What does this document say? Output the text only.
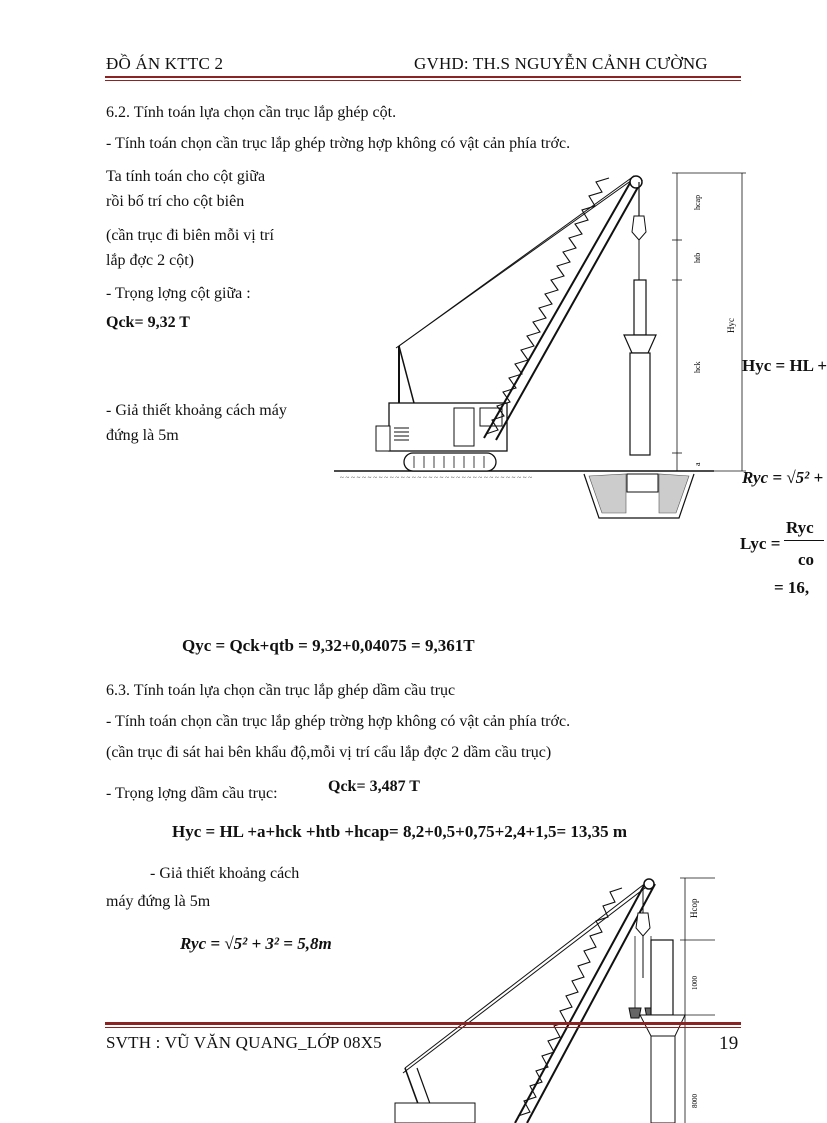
ĐỒ ÁN KTTC 2	GVHD: TH.S NGUYỄN CẢNH CƯỜNG
6.2. Tính toán lựa chọn cần trục lắp ghép cột.
- Tính toán chọn cần trục lắp ghép trờng hợp không có vật cản phía trớc.
Ta tính toán cho cột giữa
rồi bố trí cho cột biên
(cần trục đi biên mỗi vị trí
lắp đợc 2 cột)
- Trọng lợng cột giữa :
Qck= 9,32 T
- Giả thiết khoảng cách máy
đứng là 5m
Hyc = HL +
Ryc = √5² +
Lyc =
Ryc
co
= 16,
~ ~ ~ ~ ~ ~ ~ ~ ~ ~ ~ ~ ~ ~ ~ ~ ~ ~ ~ ~ ~ ~ ~ ~ ~ ~ ~ ~ ~ ~ ~ ~ ~ ~ ~
hcap
htb
hck
a
Hyc
Qyc = Qck+qtb = 9,32+0,04075 = 9,361T
6.3. Tính toán lựa chọn cần trục lắp ghép dầm cầu trục
- Tính toán chọn cần trục lắp ghép trờng hợp không có vật cản phía trớc.
(cần trục đi sát hai bên khẩu độ,mỗi vị trí cẩu lắp đợc 2 dầm cầu trục)
- Trọng lợng dầm cầu trục:	Qck= 3,487 T
Hyc = HL +a+hck +htb +hcap= 8,2+0,5+0,75+2,4+1,5= 13,35 m
- Giả thiết khoảng cách
máy đứng là 5m
Ryc = √5² + 3² = 5,8m
Hcop
1000
8000
SVTH : VŨ VĂN QUANG_LỚP 08X5	19
